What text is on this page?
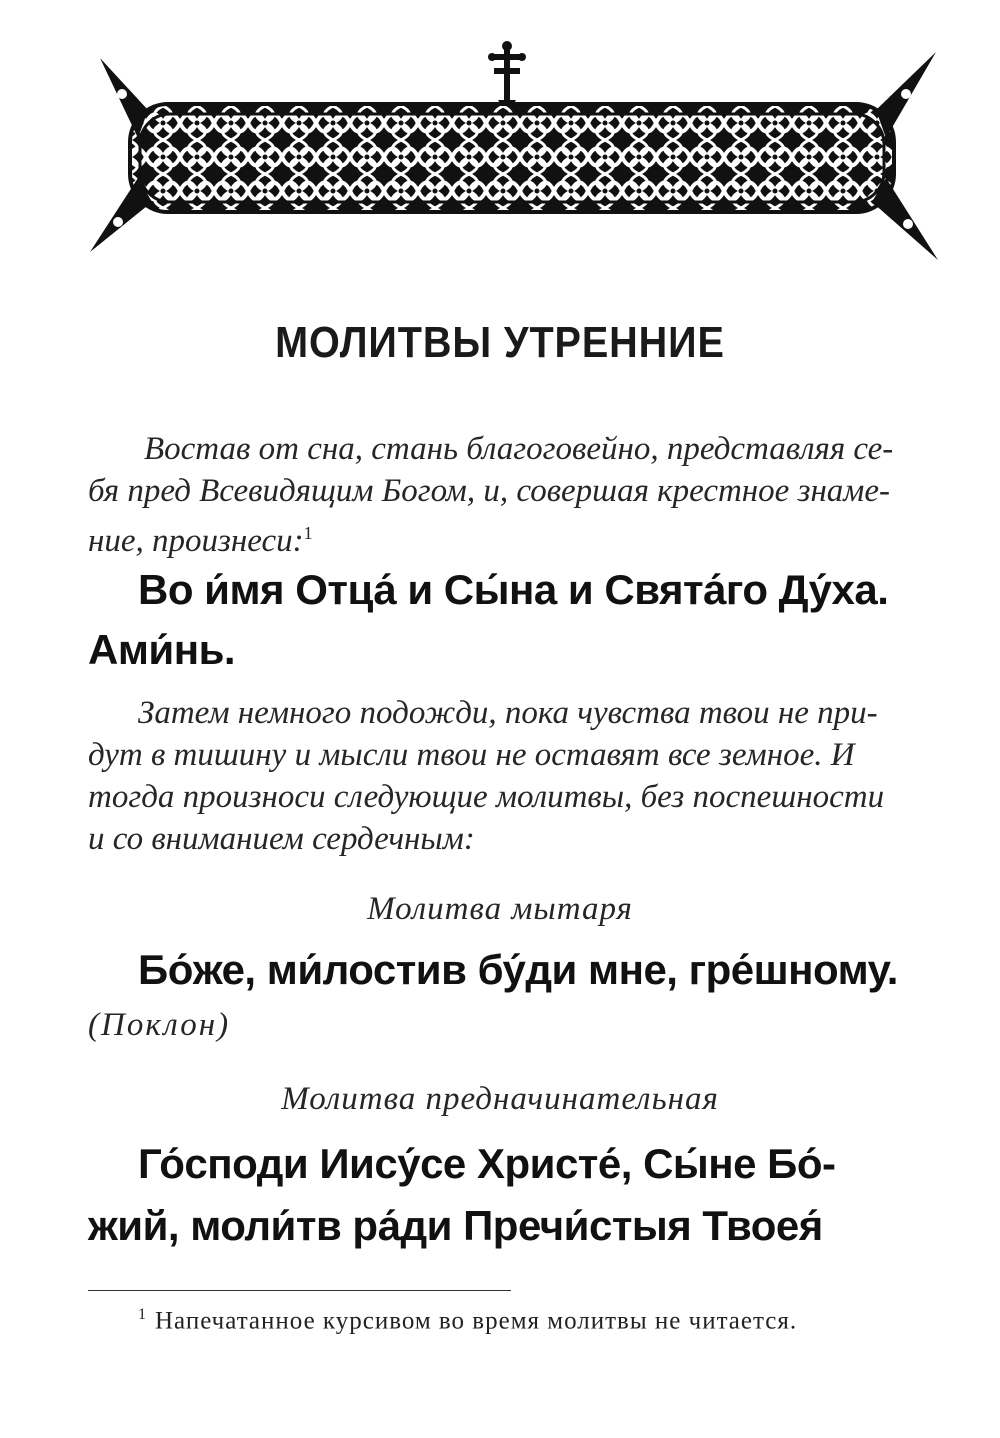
МОЛИТВЫ УТРЕННИЕ
Востав от сна, стань благоговейно, представляя се-
бя пред Всевидящим Богом, и, совершая крестное знаме-
ние, произнеси:$^1$
Во и́мя Отца́ и Сы́на и Свята́го Ду́ха.
Ами́нь.
Затем немного подожди, пока чувства твои не при-
дут в тишину и мысли твои не оставят все земное. И
тогда произноси следующие молитвы, без поспешности
и со вниманием сердечным:
Молитва мытаря
Бо́же, ми́лостив бу́ди мне, гре́шному.
(Поклон)
Молитва предначинательная
Го́споди Иису́се Христе́, Сы́не Бо́-
жий, моли́тв ра́ди Пречи́стыя Твоея́
$^1$ Напечатанное курсивом во время молитвы не читается.
